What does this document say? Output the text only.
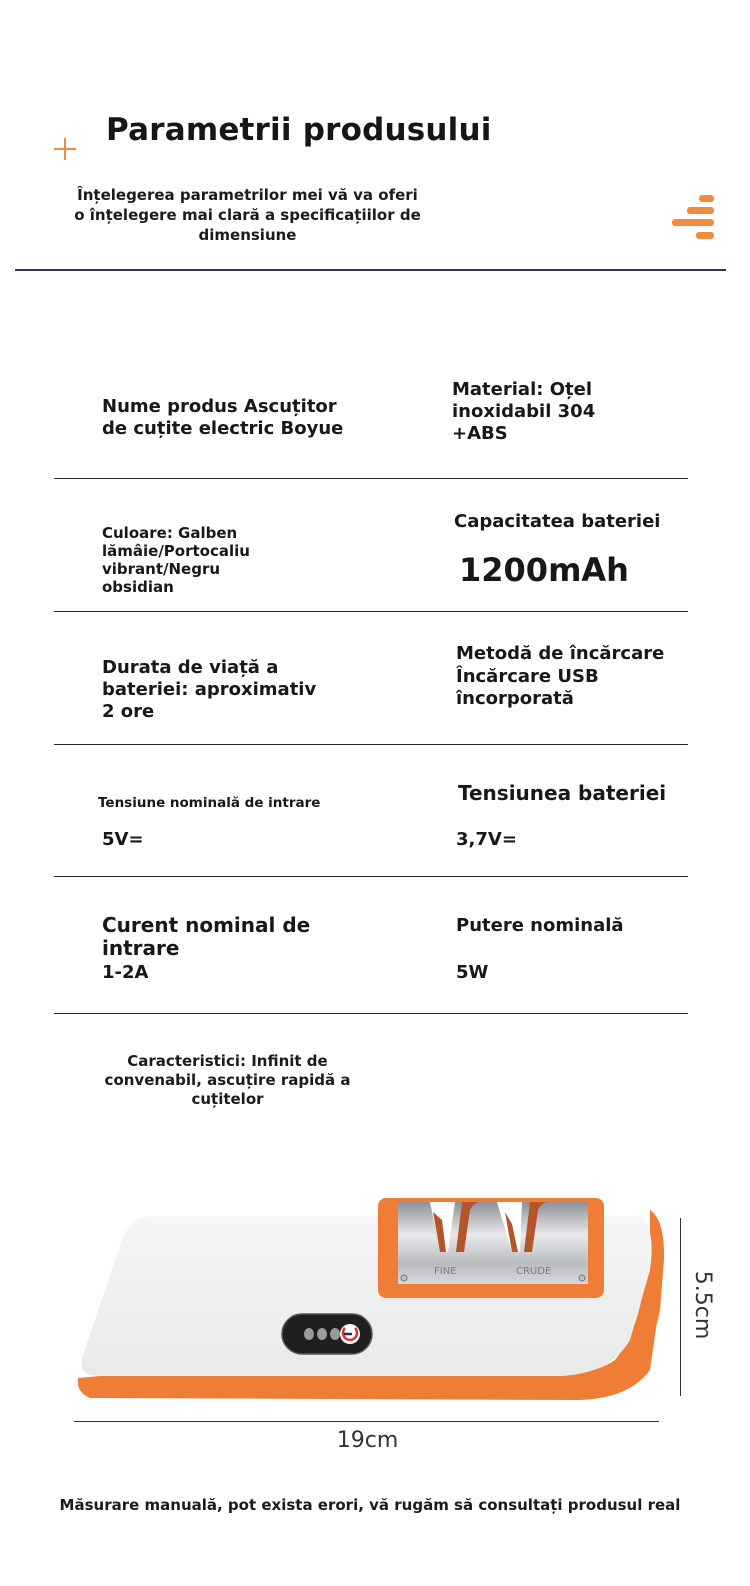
Parametrii produsului
Înțelegerea parametrilor mei vă va oferi o înțelegere mai clară a specificațiilor de dimensiune
Nume produs Ascuțitor de cuțite electric Boyue
Material: Oțel inoxidabil 304 +ABS
Culoare: Galben lămâie/Portocaliu vibrant/Negru obsidian
Capacitatea bateriei
1200mAh
Durata de viață a bateriei: aproximativ 2 ore
Metodă de încărcare
Încărcare USB încorporată
Tensiune nominală de intrare
5V=
Tensiunea bateriei
3,7V=
Curent nominal de intrare
1-2A
Putere nominală
5W
Caracteristici: Infinit de convenabil, ascuțire rapidă a cuțitelor
FINE	CRUDE	5.5cm
19cm
Măsurare manuală, pot exista erori, vă rugăm să consultați produsul real
